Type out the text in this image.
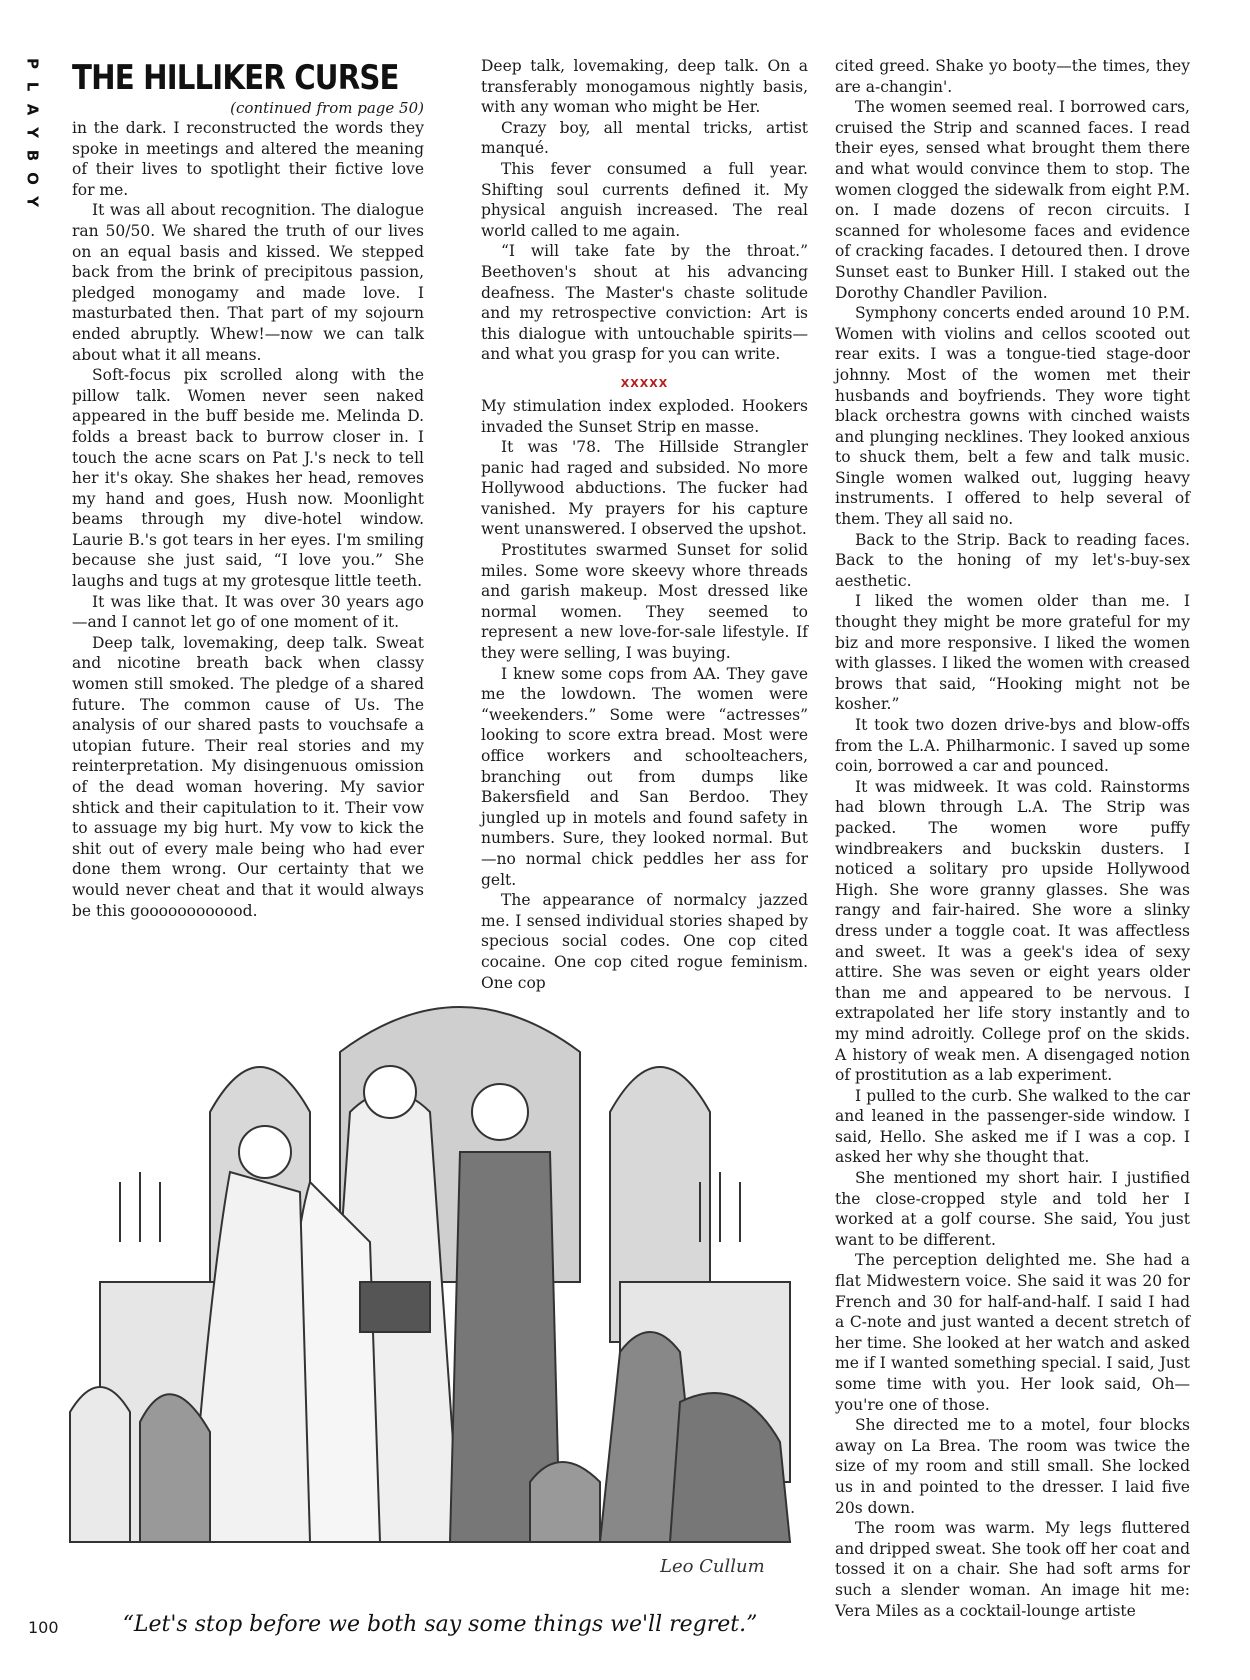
P
L
A
Y
B
O
Y
THE HILLIKER CURSE

(continued from page 50)

in the dark. I reconstructed the words they spoke in meetings and altered the meaning of their lives to spotlight their fictive love for me.

It was all about recognition. The dialogue ran 50/50. We shared the truth of our lives on an equal basis and kissed. We stepped back from the brink of precipitous passion, pledged monogamy and made love. I masturbated then. That part of my sojourn ended abruptly. Whew!—now we can talk about what it all means.

Soft-focus pix scrolled along with the pillow talk. Women never seen naked appeared in the buff beside me. Melinda D. folds a breast back to burrow closer in. I touch the acne scars on Pat J.'s neck to tell her it's okay. She shakes her head, removes my hand and goes, Hush now. Moonlight beams through my dive-hotel window. Laurie B.'s got tears in her eyes. I'm smiling because she just said, “I love you.” She laughs and tugs at my grotesque little teeth.

It was like that. It was over 30 years ago—and I cannot let go of one moment of it.

Deep talk, lovemaking, deep talk. Sweat and nicotine breath back when classy women still smoked. The pledge of a shared future. The common cause of Us. The analysis of our shared pasts to vouchsafe a utopian future. Their real stories and my reinterpretation. My disingenuous omission of the dead woman hovering. My savior shtick and their capitulation to it. Their vow to assuage my big hurt. My vow to kick the shit out of every male being who had ever done them wrong. Our certainty that we would never cheat and that it would always be this goooooooooood.

Deep talk, lovemaking, deep talk. On a transferably monogamous nightly basis, with any woman who might be Her.

Crazy boy, all mental tricks, artist manqué.

This fever consumed a full year. Shifting soul currents defined it. My physical anguish increased. The real world called to me again.

“I will take fate by the throat.” Beethoven's shout at his advancing deafness. The Master's chaste solitude and my retrospective conviction: Art is this dialogue with untouchable spirits—and what you grasp for you can write.

XXXXX

My stimulation index exploded. Hookers invaded the Sunset Strip en masse.

It was '78. The Hillside Strangler panic had raged and subsided. No more Hollywood abductions. The fucker had vanished. My prayers for his capture went unanswered. I observed the upshot.

Prostitutes swarmed Sunset for solid miles. Some wore skeevy whore threads and garish makeup. Most dressed like normal women. They seemed to represent a new love-for-sale lifestyle. If they were selling, I was buying.

I knew some cops from AA. They gave me the lowdown. The women were “weekenders.” Some were “actresses” looking to score extra bread. Most were office workers and schoolteachers, branching out from dumps like Bakersfield and San Berdoo. They jungled up in motels and found safety in numbers. Sure, they looked normal. But—no normal chick peddles her ass for gelt.

The appearance of normalcy jazzed me. I sensed individual stories shaped by specious social codes. One cop cited cocaine. One cop cited rogue feminism. One cop

cited greed. Shake yo booty—the times, they are a-changin'.

The women seemed real. I borrowed cars, cruised the Strip and scanned faces. I read their eyes, sensed what brought them there and what would convince them to stop. The women clogged the sidewalk from eight P.M. on. I made dozens of recon circuits. I scanned for wholesome faces and evidence of cracking facades. I detoured then. I drove Sunset east to Bunker Hill. I staked out the Dorothy Chandler Pavilion.

Symphony concerts ended around 10 P.M. Women with violins and cellos scooted out rear exits. I was a tongue-tied stage-door johnny. Most of the women met their husbands and boyfriends. They wore tight black orchestra gowns with cinched waists and plunging necklines. They looked anxious to shuck them, belt a few and talk music. Single women walked out, lugging heavy instruments. I offered to help several of them. They all said no.

Back to the Strip. Back to reading faces. Back to the honing of my let's-buy-sex aesthetic.

I liked the women older than me. I thought they might be more grateful for my biz and more responsive. I liked the women with glasses. I liked the women with creased brows that said, “Hooking might not be kosher.”

It took two dozen drive-bys and blow-offs from the L.A. Philharmonic. I saved up some coin, borrowed a car and pounced.

It was midweek. It was cold. Rainstorms had blown through L.A. The Strip was packed. The women wore puffy windbreakers and buckskin dusters. I noticed a solitary pro upside Hollywood High. She wore granny glasses. She was rangy and fair-haired. She wore a slinky dress under a toggle coat. It was affectless and sweet. It was a geek's idea of sexy attire. She was seven or eight years older than me and appeared to be nervous. I extrapolated her life story instantly and to my mind adroitly. College prof on the skids. A history of weak men. A disengaged notion of prostitution as a lab experiment.

I pulled to the curb. She walked to the car and leaned in the passenger-side window. I said, Hello. She asked me if I was a cop. I asked her why she thought that.

She mentioned my short hair. I justified the close-cropped style and told her I worked at a golf course. She said, You just want to be different.

The perception delighted me. She had a flat Midwestern voice. She said it was 20 for French and 30 for half-and-half. I said I had a C-note and just wanted a decent stretch of her time. She looked at her watch and asked me if I wanted something special. I said, Just some time with you. Her look said, Oh—you're one of those.

She directed me to a motel, four blocks away on La Brea. The room was twice the size of my room and still small. She locked us in and pointed to the dresser. I laid five 20s down.

The room was warm. My legs fluttered and dripped sweat. She took off her coat and tossed it on a chair. She had soft arms for such a slender woman. An image hit me: Vera Miles as a cocktail-lounge artiste

Leo Cullum
“Let's stop before we both say some things we'll regret.”
100
